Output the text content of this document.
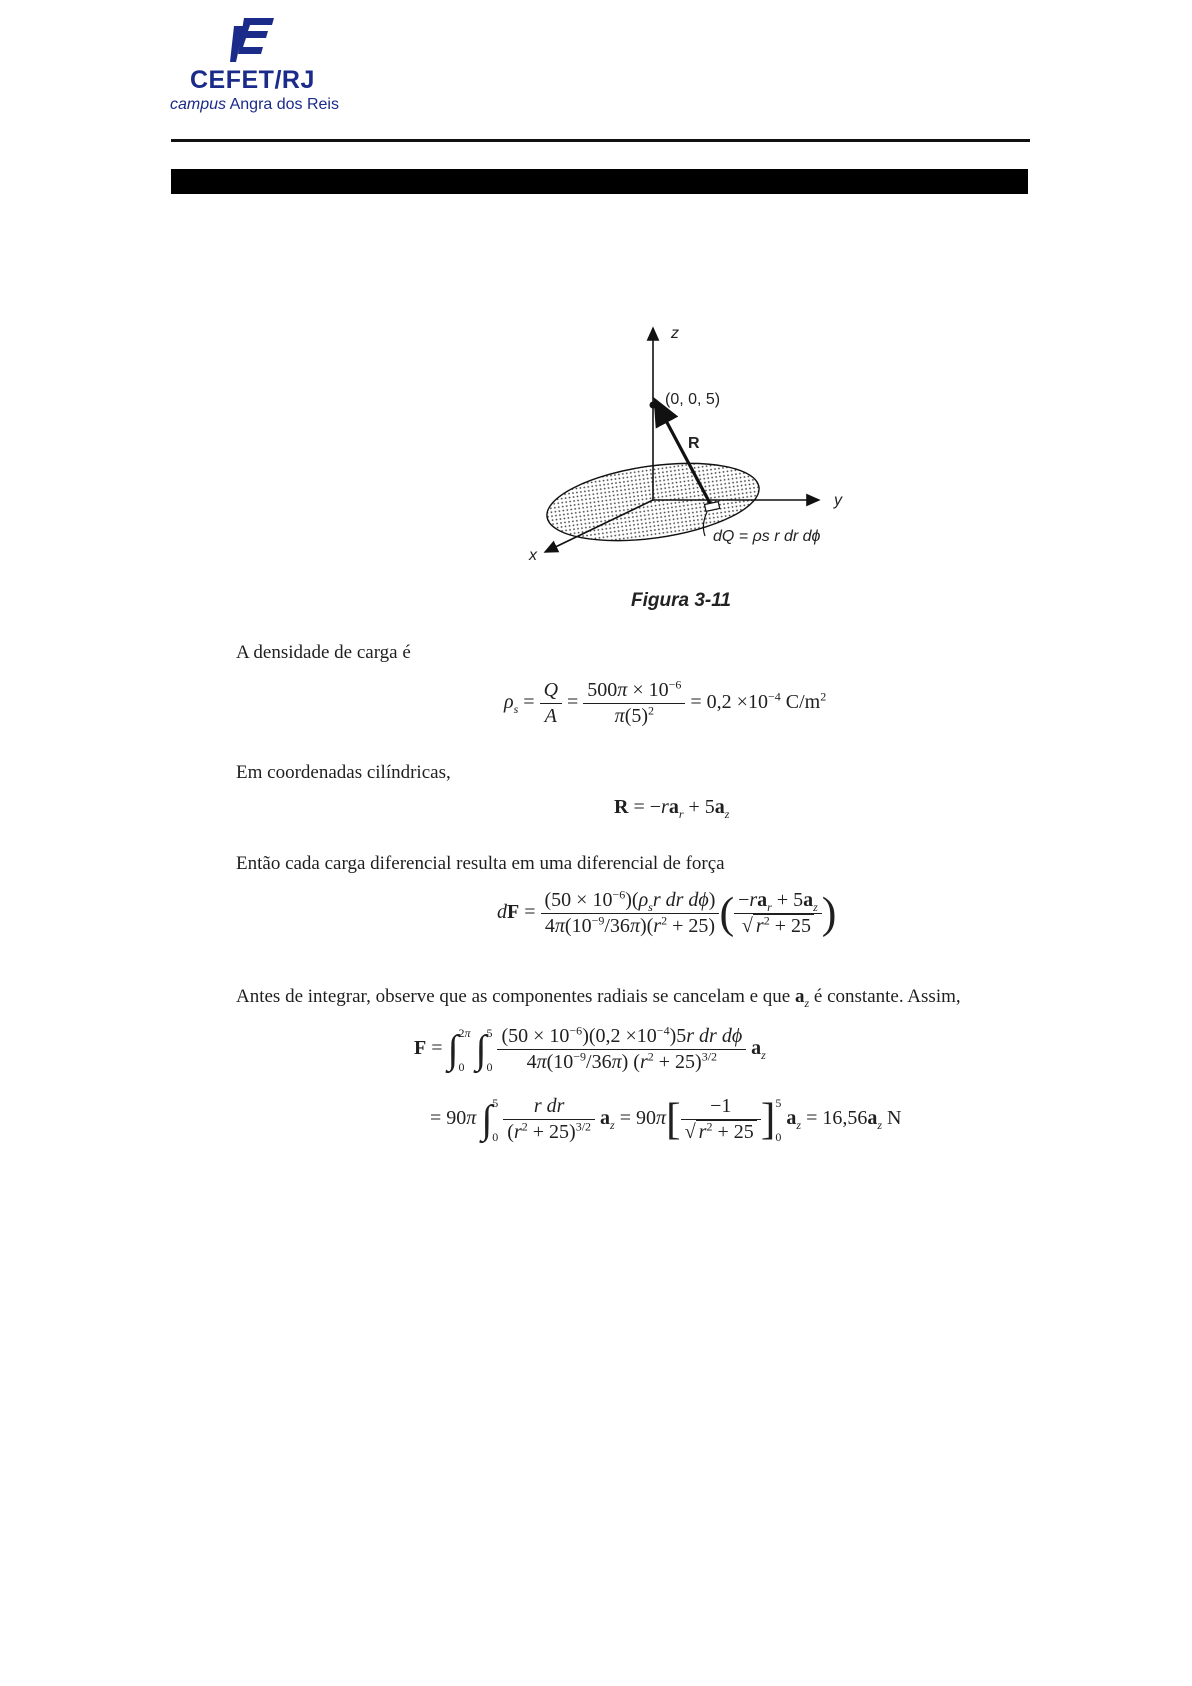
CEFET/RJ
campus Angra dos Reis
z
y
x
(0, 0, 5)
R
dQ = ρs r dr dϕ
Figura 3-11
A densidade de carga é
$\rho_s = \frac{Q}{A} = \frac{500\pi \times 10^{-6}}{\pi(5)^2} = 0,2 \times 10^{-4}$ $C/m^2$
Em coordenadas cilíndricas,
$R = -ra_r + 5a_z$
Então cada carga diferencial resulta em uma diferencial de força
dF = $\frac{(50 \times 10^{-6})(\rho_sr dr d\phi)}{4\pi(10^{-9}/36\pi)(r^2 + 25)}$ ( $\frac{-ra_r + 5a_z}{√ r^2 + 25}$ )
Antes de integrar, observe que as componentes radiais se cancelam e que $a_z$ é constante. Assim,
F = ∫ 2π
0 ∫ 5
0
$\frac{(50 \times 10^{-6})(0,2 \times 10^{-4})5r dr d\phi}{4\pi(10^{-9}/36\pi) (r^2 + 25)^{3/2}} a_z$
= 90π ∫ 5
0
$\frac{\text{r dr}}{(r^2 + 25)^{3/2}} a_z = 90\pi[ \frac{-1}{√ r^2 + 25}$ ] 5
0
$a_z = 16,56a_z$ N
